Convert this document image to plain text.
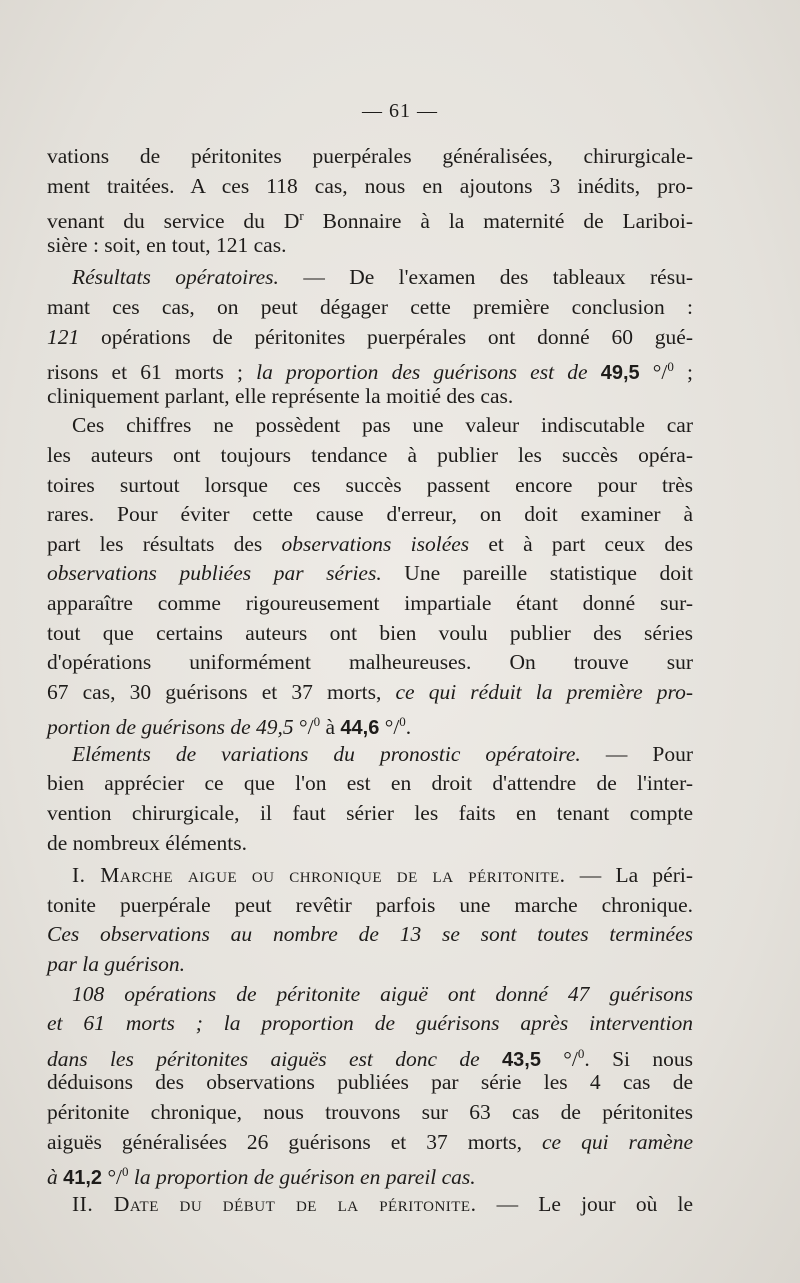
— 61 —
vations de péritonites puerpérales généralisées, chirurgicale-
ment traitées. A ces 118 cas, nous en ajoutons 3 inédits, pro-
venant du service du $D^r$ Bonnaire à la maternité de Lariboi-
sière : soit, en tout, 121 cas.
Résultats opératoires. — De l'examen des tableaux résu-
mant ces cas, on peut dégager cette première conclusion :
121 opérations de péritonites puerpérales ont donné 60 gué-
risons et 61 morts ; la proportion des guérisons est de 49,5 °/$^0$ ;
cliniquement parlant, elle représente la moitié des cas.
Ces chiffres ne possèdent pas une valeur indiscutable car
les auteurs ont toujours tendance à publier les succès opéra-
toires surtout lorsque ces succès passent encore pour très
rares. Pour éviter cette cause d'erreur, on doit examiner à
part les résultats des observations isolées et à part ceux des
observations publiées par séries. Une pareille statistique doit
apparaître comme rigoureusement impartiale étant donné sur-
tout que certains auteurs ont bien voulu publier des séries
d'opérations uniformément malheureuses. On trouve sur
67 cas, 30 guérisons et 37 morts, ce qui réduit la première pro-
portion de guérisons de 49,5 °/$^0$ à 44,6 °/$^0$.
Eléments de variations du pronostic opératoire. — Pour
bien apprécier ce que l'on est en droit d'attendre de l'inter-
vention chirurgicale, il faut sérier les faits en tenant compte
de nombreux éléments.
I. Marche aigue ou chronique de la péritonite. — La péri-
tonite puerpérale peut revêtir parfois une marche chronique.
Ces observations au nombre de 13 se sont toutes terminées
par la guérison.
108 opérations de péritonite aiguë ont donné 47 guérisons
et 61 morts ; la proportion de guérisons après intervention
dans les péritonites aiguës est donc de 43,5 °/$^0$. Si nous
déduisons des observations publiées par série les 4 cas de
péritonite chronique, nous trouvons sur 63 cas de péritonites
aiguës généralisées 26 guérisons et 37 morts, ce qui ramène
à 41,2 °/$^0$ la proportion de guérison en pareil cas.
II. Date du début de la péritonite. — Le jour où le
